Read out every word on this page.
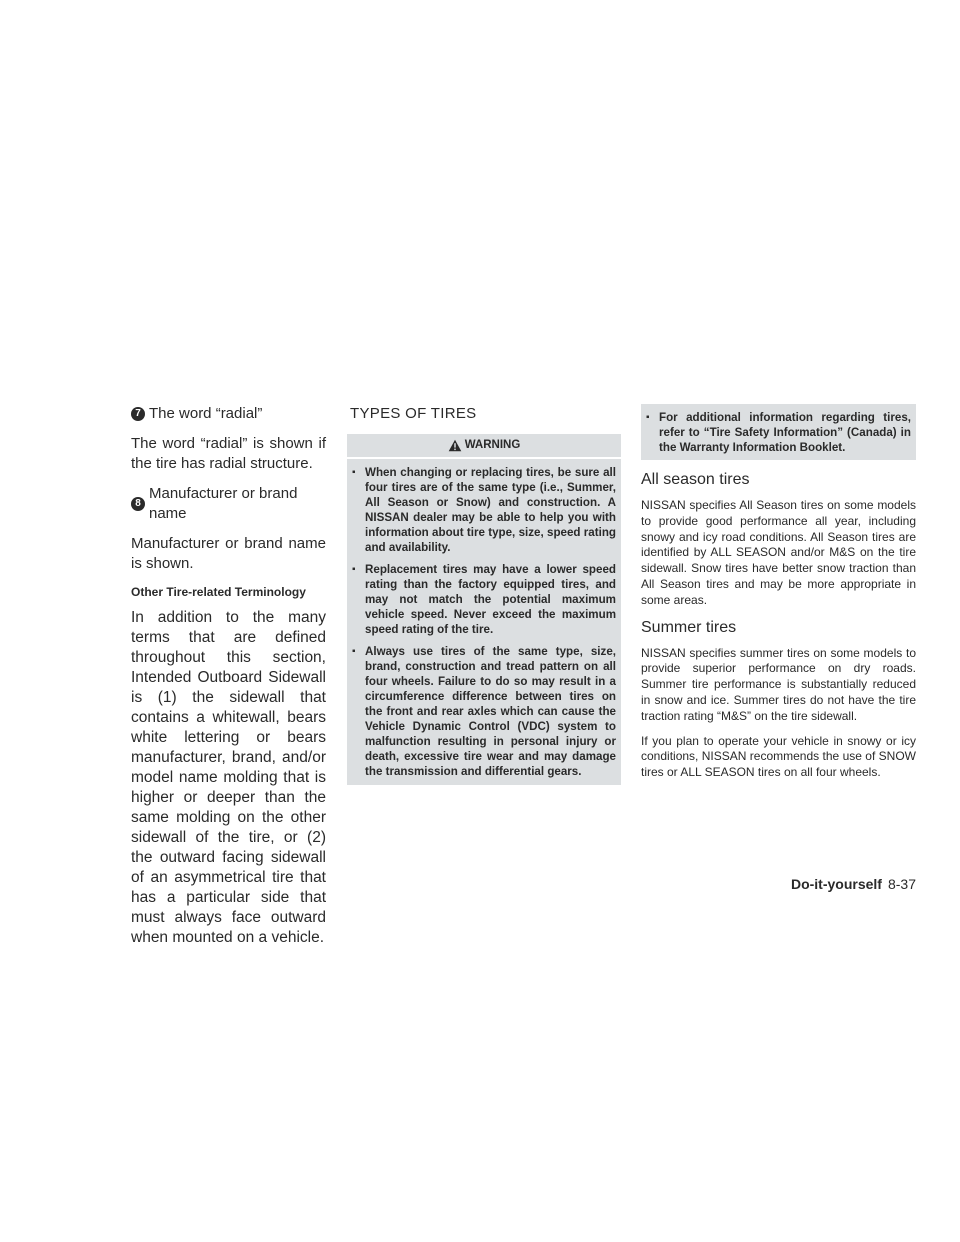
7 The word “radial”

The word “radial” is shown if the tire has radial structure.

8
Manufacturer or brand name

Manufacturer or brand name is shown.

Other Tire-related Terminology

In addition to the many terms that are defined throughout this section, Intended Outboard Sidewall is (1) the sidewall that contains a whitewall, bears white lettering or bears manufacturer, brand, and/or model name molding that is higher or deeper than the same molding on the other sidewall of the tire, or (2) the outward facing sidewall of an asymmetrical tire that has a particular side that must always face outward when mounted on a vehicle.

TYPES OF TIRES
WARNING
▪ When changing or replacing tires, be sure all four tires are of the same type (i.e., Summer, All Season or Snow) and construction. A NISSAN dealer may be able to help you with information about tire type, size, speed rating and availability.
▪ Replacement tires may have a lower speed rating than the factory equipped tires, and may not match the potential maximum vehicle speed. Never exceed the maximum speed rating of the tire.
▪ Always use tires of the same type, size, brand, construction and tread pattern on all four wheels. Failure to do so may result in a circumference difference between tires on the front and rear axles which can cause the Vehicle Dynamic Control (VDC) system to malfunction resulting in personal injury or death, excessive tire wear and may damage the transmission and differential gears.
▪ For additional information regarding tires, refer to “Tire Safety Information” (Canada) in the Warranty Information Booklet.
All season tires

NISSAN specifies All Season tires on some models to provide good performance all year, including snowy and icy road conditions. All Season tires are identified by ALL SEASON and/or M&S on the tire sidewall. Snow tires have better snow traction than All Season tires and may be more appropriate in some areas.

Summer tires

NISSAN specifies summer tires on some models to provide superior performance on dry roads. Summer tire performance is substantially reduced in snow and ice. Summer tires do not have the tire traction rating “M&S” on the tire sidewall.

If you plan to operate your vehicle in snowy or icy conditions, NISSAN recommends the use of SNOW tires or ALL SEASON tires on all four wheels.

Do-it-yourself 8-37
